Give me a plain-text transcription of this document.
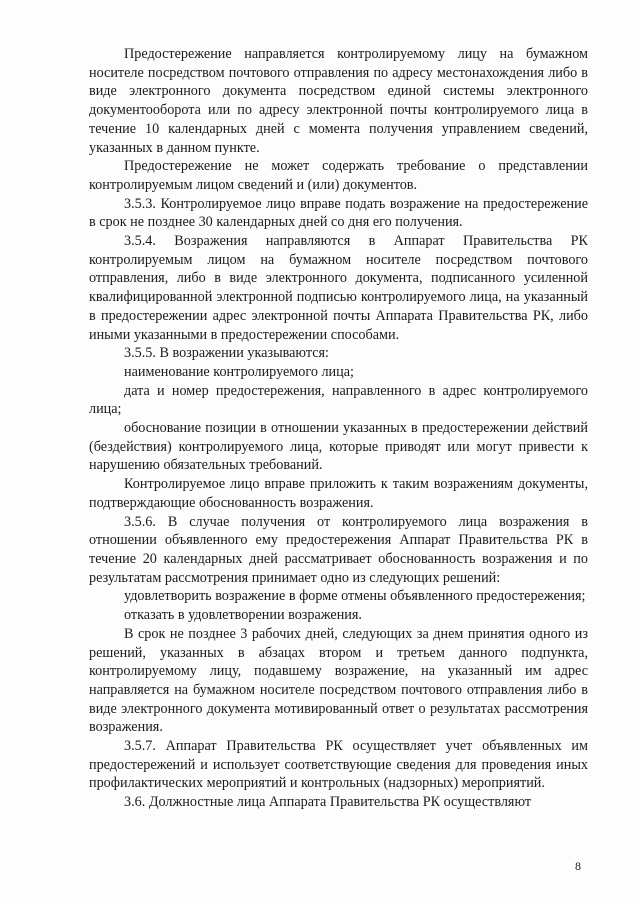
Предостережение направляется контролируемому лицу на бумажном носителе посредством почтового отправления по адресу местонахождения либо в виде электронного документа посредством единой системы электронного документооборота или по адресу электронной почты контролируемого лица в течение 10 календарных дней с момента получения управлением сведений, указанных в данном пункте.

Предостережение не может содержать требование о представлении контролируемым лицом сведений и (или) документов.

3.5.3. Контролируемое лицо вправе подать возражение на предостережение в срок не позднее 30 календарных дней со дня его получения.

3.5.4. Возражения направляются в Аппарат Правительства РК контролируемым лицом на бумажном носителе посредством почтового отправления, либо в виде электронного документа, подписанного усиленной квалифицированной электронной подписью контролируемого лица, на указанный в предостережении адрес электронной почты Аппарата Правительства РК, либо иными указанными в предостережении способами.

3.5.5. В возражении указываются:

наименование контролируемого лица;

дата и номер предостережения, направленного в адрес контролируемого лица;

обоснование позиции в отношении указанных в предостережении действий (бездействия) контролируемого лица, которые приводят или могут привести к нарушению обязательных требований.

Контролируемое лицо вправе приложить к таким возражениям документы, подтверждающие обоснованность возражения.

3.5.6. В случае получения от контролируемого лица возражения в отношении объявленного ему предостережения Аппарат Правительства РК в течение 20 календарных дней рассматривает обоснованность возражения и по результатам рассмотрения принимает одно из следующих решений:

удовлетворить возражение в форме отмены объявленного предостережения;

отказать в удовлетворении возражения.

В срок не позднее 3 рабочих дней, следующих за днем принятия одного из решений, указанных в абзацах втором и третьем данного подпункта, контролируемому лицу, подавшему возражение, на указанный им адрес направляется на бумажном носителе посредством почтового отправления либо в виде электронного документа мотивированный ответ о результатах рассмотрения возражения.

3.5.7. Аппарат Правительства РК осуществляет учет объявленных им предостережений и использует соответствующие сведения для проведения иных профилактических мероприятий и контрольных (надзорных) мероприятий.

3.6. Должностные лица Аппарата Правительства РК осуществляют

8
